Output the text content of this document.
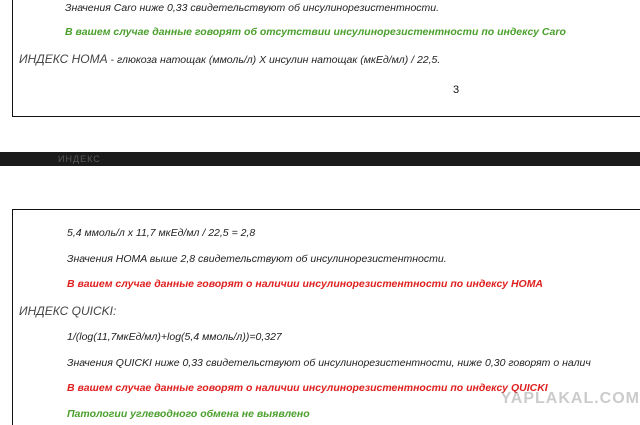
Значения Caro ниже 0,33 свидетельствуют об инсулинорезистентности.
В вашем случае данные говорят об отсутствии инсулинорезистентности по индексу Caro
ИНДЕКС HOMA - глюкоза натощак (ммоль/л) X инсулин натощак (мкЕд/мл) / 22,5.
3
ИНДЕКС
5,4 ммоль/л х 11,7 мкЕд/мл / 22,5 = 2,8
Значения HOMA выше 2,8 свидетельствуют об инсулинорезистентности.
В вашем случае данные говорят о наличии инсулинорезистентности по индексу HOMA
ИНДЕКС QUICKI:
1/(log(11,7мкЕд/мл)+log(5,4 ммоль/л))=0,327
Значения QUICKI ниже 0,33 свидетельствуют об инсулинорезистентности, ниже 0,30 говорят о налич
В вашем случае данные говорят о наличии инсулинорезистентности по индексу QUICKI
Патологии углеводного обмена не выявлено
YAPLAKAL.COM
